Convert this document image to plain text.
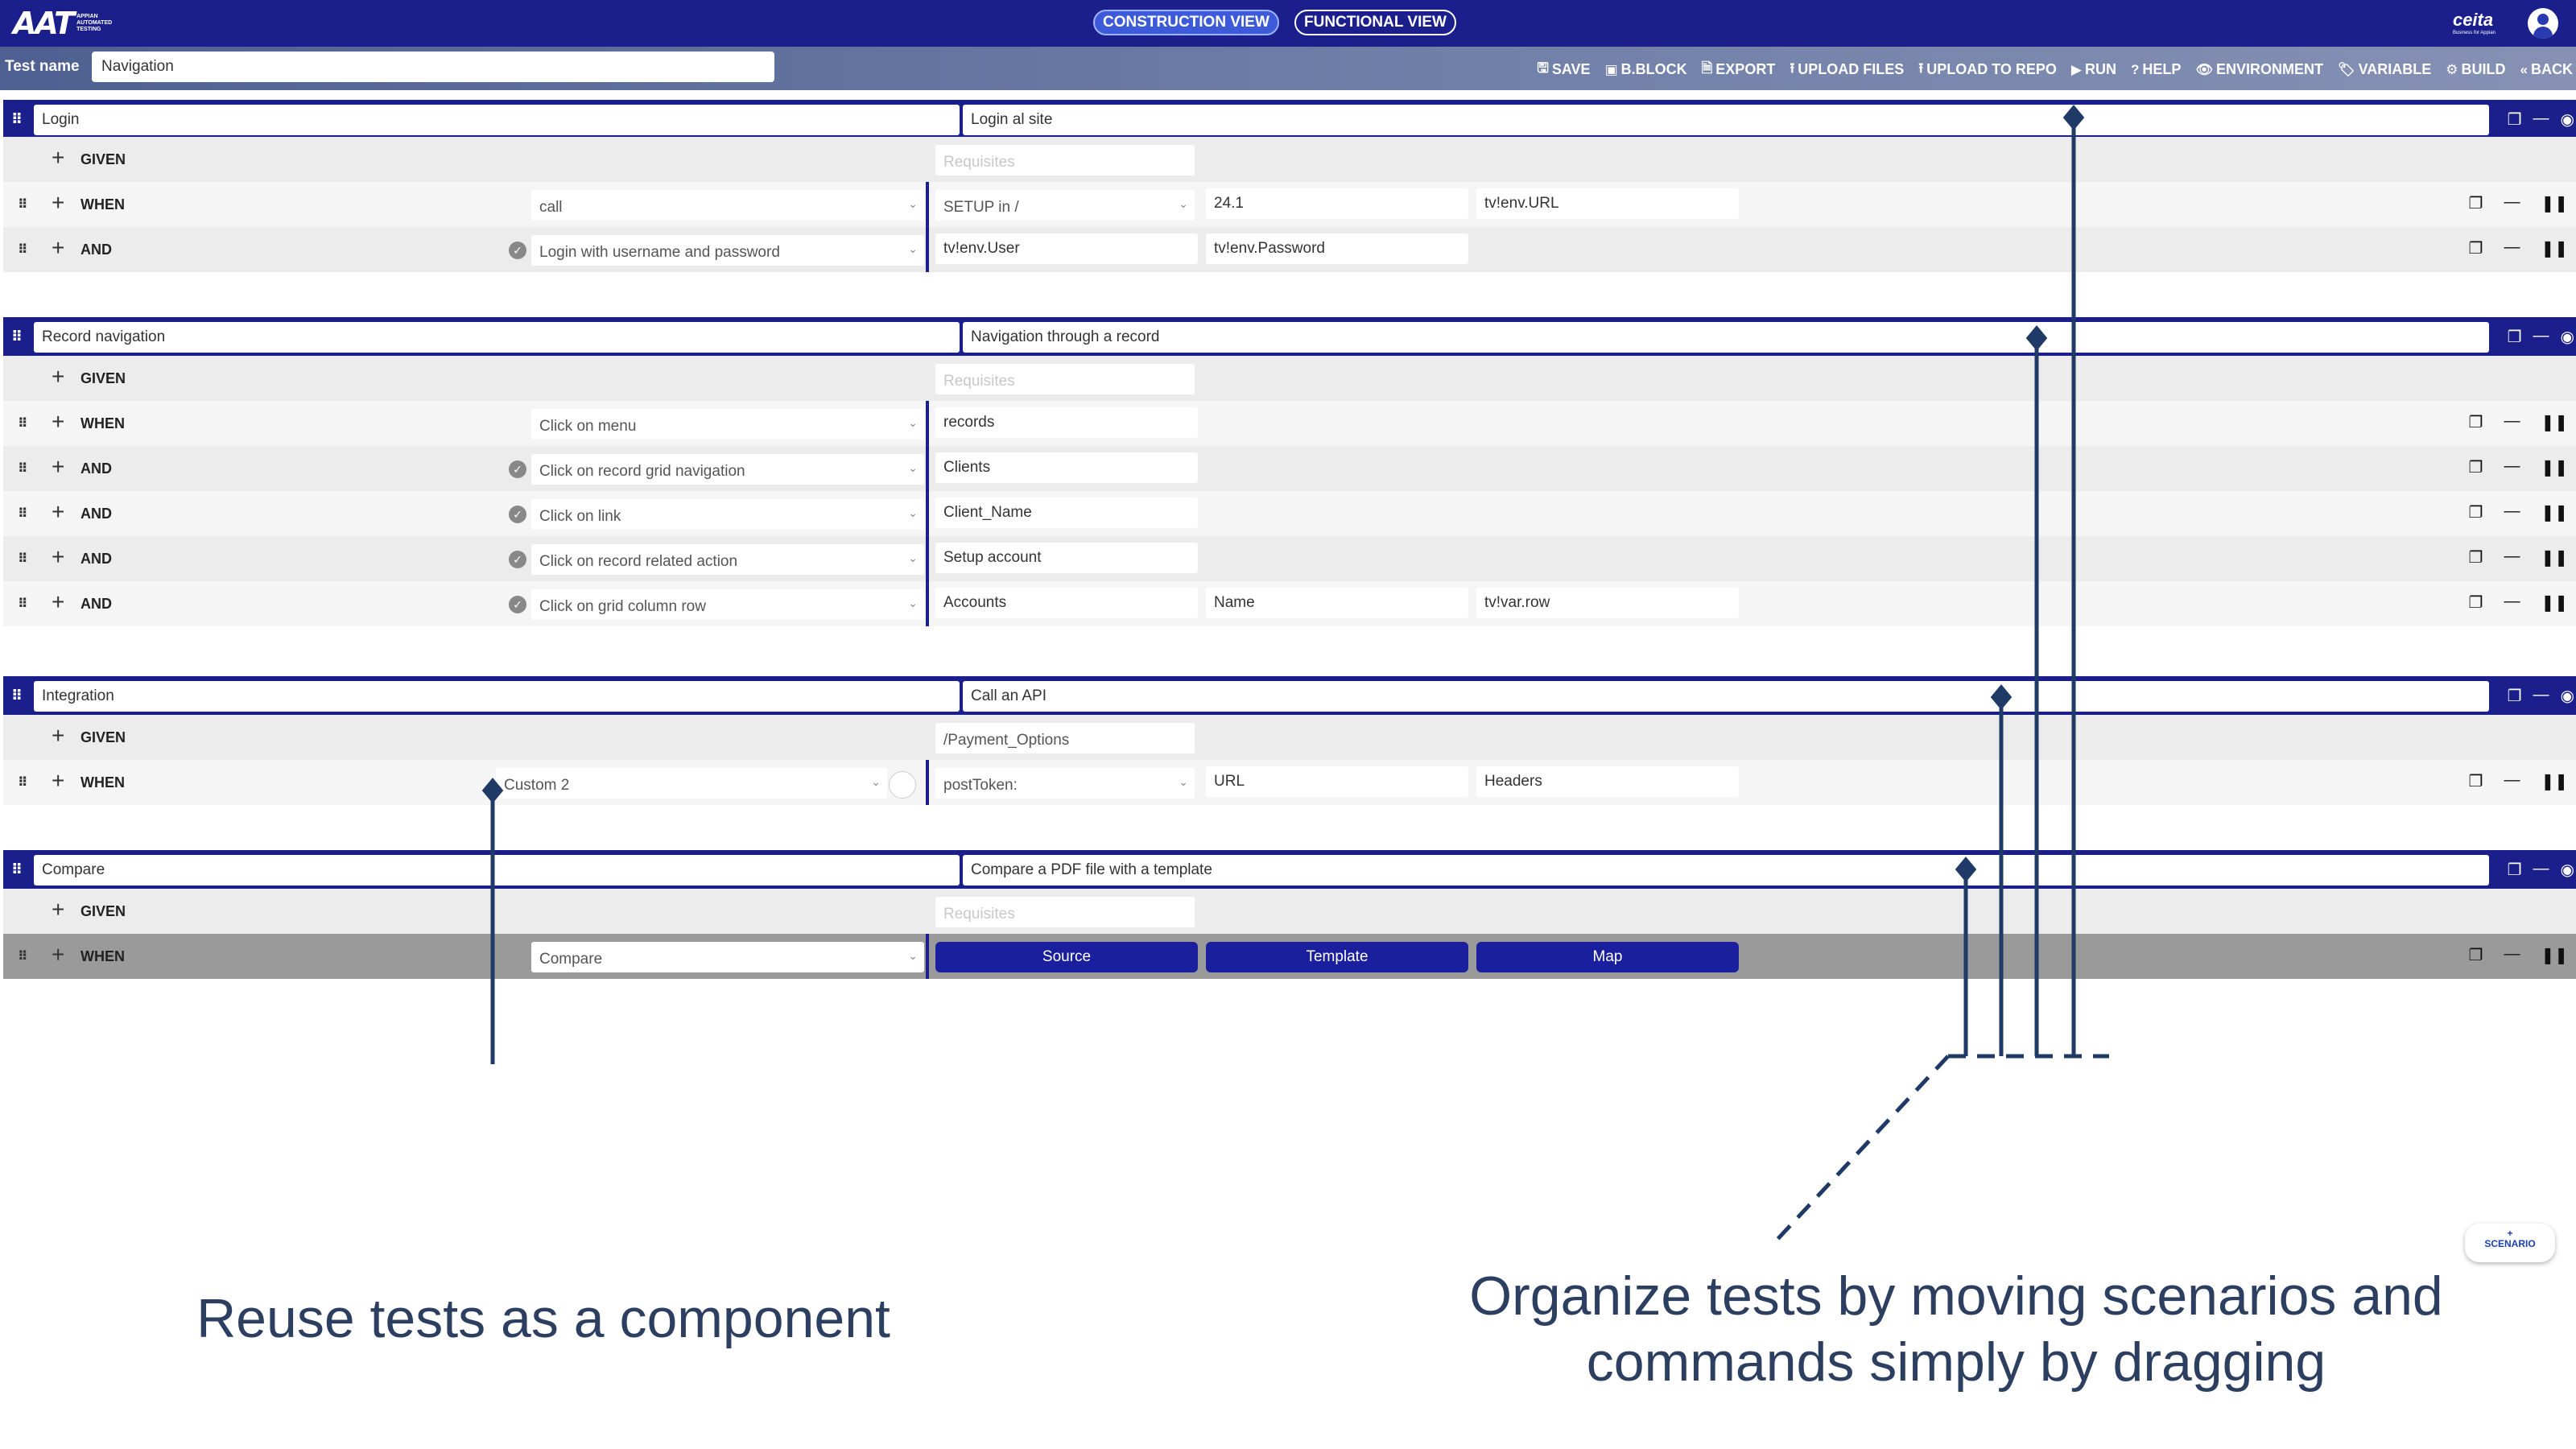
AAT APPIAN AUTOMATED TESTING	CONSTRUCTION VIEW	FUNCTIONAL VIEW	ceita
Business for Appian
Test name
Navigation	🖫 SAVE ▣ B.BLOCK 🗎 EXPORT ⭱ UPLOAD FILES ⭱ UPLOAD TO REPO ▶ RUN ? HELP 👁 ENVIRONMENT 🏷 VARIABLE ⚙ BUILD « BACK
⠿	Login	Login al site	❐ — ◉
+ GIVEN	Requisites
⠿ + WHEN	call	⌄	SETUP in /	⌄	24.1	tv!env.URL	❐ — ❚❚
⠿ + AND	✓	Login with username and password	⌄	tv!env.User	tv!env.Password	❐ — ❚❚
⠿	Record navigation	Navigation through a record	❐ — ◉
+ GIVEN	Requisites
⠿ + WHEN	Click on menu	⌄	records	❐ — ❚❚
⠿ + AND	✓	Click on record grid navigation	⌄	Clients	❐ — ❚❚
⠿ + AND	✓	Click on link	⌄	Client_Name	❐ — ❚❚
⠿ + AND	✓	Click on record related action	⌄	Setup account	❐ — ❚❚
⠿ + AND	✓	Click on grid column row	⌄	Accounts	Name	tv!var.row	❐ — ❚❚
⠿	Integration	Call an API	❐ — ◉
+ GIVEN	/Payment_Options
⠿ + WHEN	Custom 2	⌄	postToken:	⌄	URL	Headers	❐ — ❚❚
⠿	Compare	Compare a PDF file with a template	❐ — ◉
+ GIVEN	Requisites
⠿ + WHEN	Compare	⌄	Source	Template	Map	❐ — ❚❚
Reuse tests as a component	Organize tests by moving scenarios and
commands simply by dragging
+
SCENARIO
